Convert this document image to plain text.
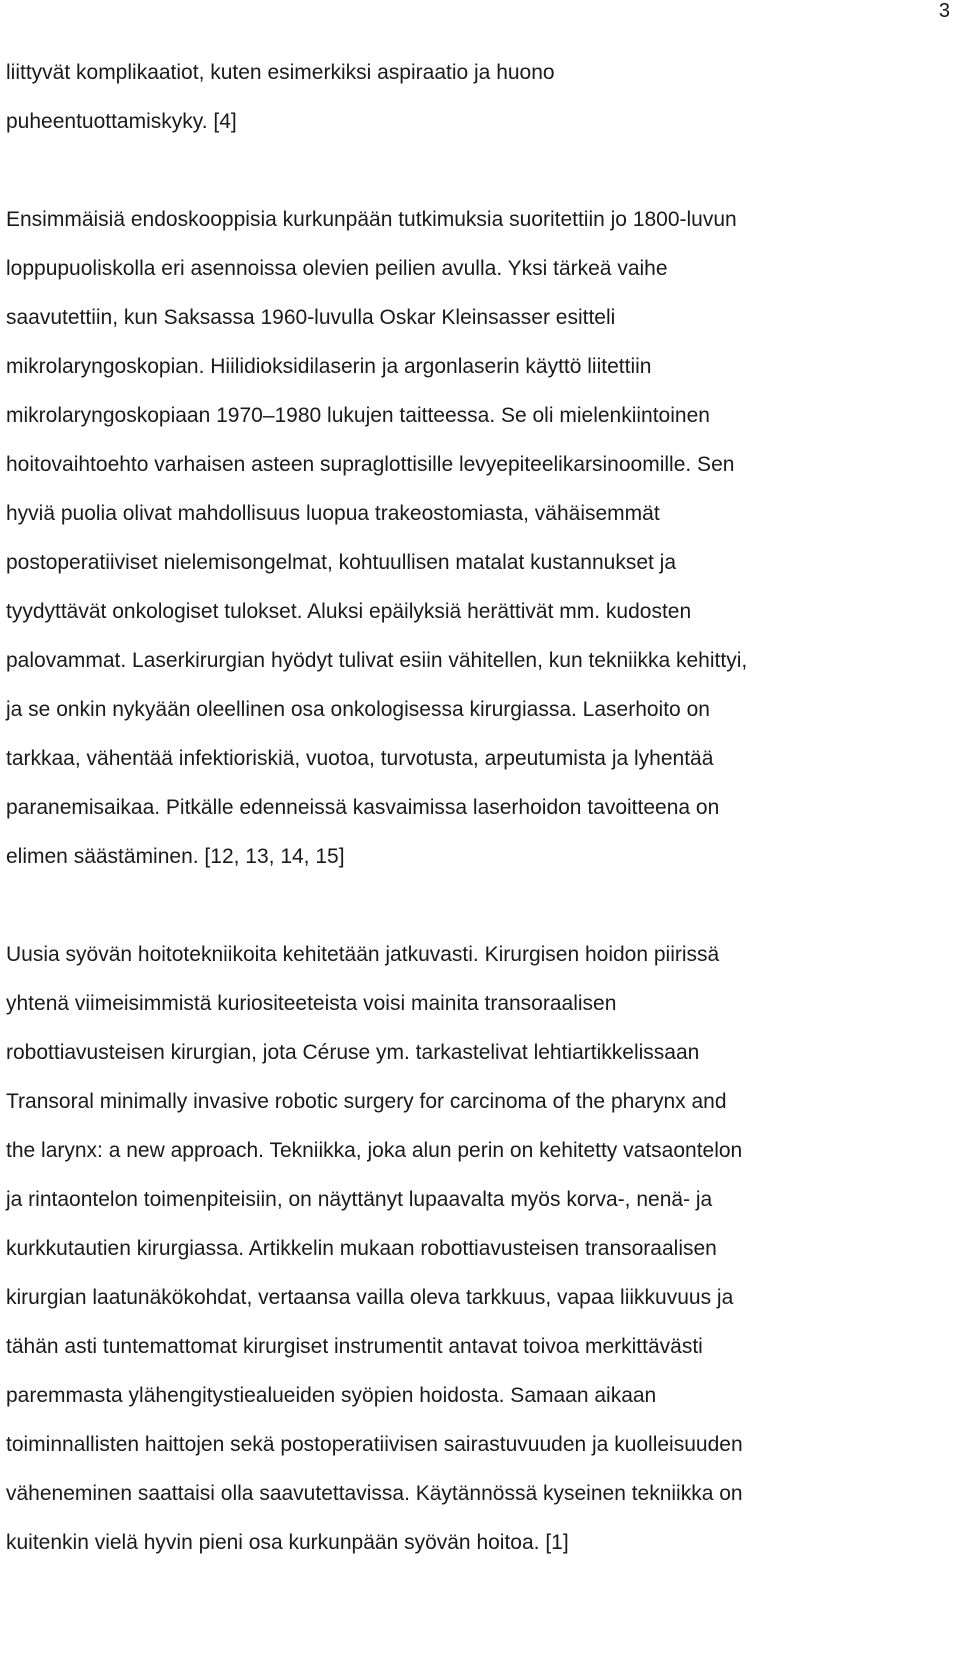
3
liittyvät komplikaatiot, kuten esimerkiksi aspiraatio ja huono
puheentuottamiskyky. [4]
Ensimmäisiä endoskooppisia kurkunpään tutkimuksia suoritettiin jo 1800-luvun
loppupuoliskolla eri asennoissa olevien peilien avulla. Yksi tärkeä vaihe
saavutettiin, kun Saksassa 1960-luvulla Oskar Kleinsasser esitteli
mikrolaryngoskopian. Hiilidioksidilaserin ja argonlaserin käyttö liitettiin
mikrolaryngoskopiaan 1970–1980 lukujen taitteessa. Se oli mielenkiintoinen
hoitovaihtoehto varhaisen asteen supraglottisille levyepiteelikarsinoomille. Sen
hyviä puolia olivat mahdollisuus luopua trakeostomiasta, vähäisemmät
postoperatiiviset nielemisongelmat, kohtuullisen matalat kustannukset ja
tyydyttävät onkologiset tulokset. Aluksi epäilyksiä herättivät mm. kudosten
palovammat. Laserkirurgian hyödyt tulivat esiin vähitellen, kun tekniikka kehittyi,
ja se onkin nykyään oleellinen osa onkologisessa kirurgiassa. Laserhoito on
tarkkaa, vähentää infektioriskiä, vuotoa, turvotusta, arpeutumista ja lyhentää
paranemisaikaa. Pitkälle edenneissä kasvaimissa laserhoidon tavoitteena on
elimen säästäminen. [12, 13, 14, 15]
Uusia syövän hoitotekniikoita kehitetään jatkuvasti. Kirurgisen hoidon piirissä
yhtenä viimeisimmistä kuriositeeteista voisi mainita transoraalisen
robottiavusteisen kirurgian, jota Céruse ym. tarkastelivat lehtiartikkelissaan
Transoral minimally invasive robotic surgery for carcinoma of the pharynx and
the larynx: a new approach. Tekniikka, joka alun perin on kehitetty vatsaontelon
ja rintaontelon toimenpiteisiin, on näyttänyt lupaavalta myös korva-, nenä- ja
kurkkutautien kirurgiassa. Artikkelin mukaan robottiavusteisen transoraalisen
kirurgian laatunäkökohdat, vertaansa vailla oleva tarkkuus, vapaa liikkuvuus ja
tähän asti tuntemattomat kirurgiset instrumentit antavat toivoa merkittävästi
paremmasta ylähengitystiealueiden syöpien hoidosta. Samaan aikaan
toiminnallisten haittojen sekä postoperatiivisen sairastuvuuden ja kuolleisuuden
väheneminen saattaisi olla saavutettavissa. Käytännössä kyseinen tekniikka on
kuitenkin vielä hyvin pieni osa kurkunpään syövän hoitoa. [1]
